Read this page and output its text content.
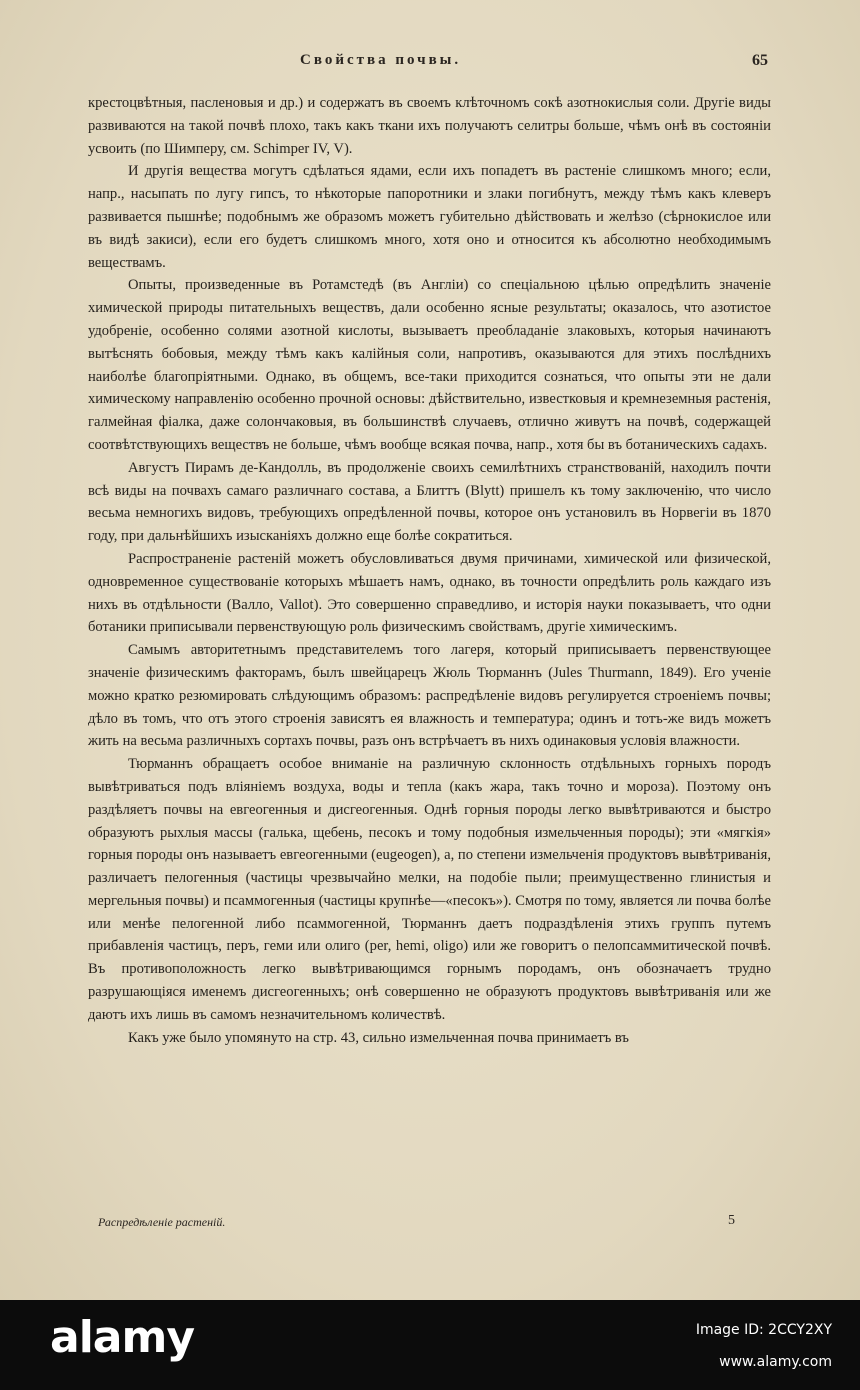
Свойства почвы.	65

крестоцвѣтныя, пасленовыя и др.) и содержатъ въ своемъ клѣточномъ сокѣ азотнокислыя соли. Другіе виды развиваются на такой почвѣ плохо, такъ какъ ткани ихъ получаютъ селитры больше, чѣмъ онѣ въ состояніи усвоить (по Шимперу, см. Schimper IV, V).

И другія вещества могутъ сдѣлаться ядами, если ихъ попадетъ въ растеніе слишкомъ много; если, напр., насыпать по лугу гипсъ, то нѣкоторые папоротники и злаки погибнутъ, между тѣмъ какъ клеверъ развивается пышнѣе; подобнымъ же образомъ можетъ губительно дѣйствовать и желѣзо (сѣрнокислое или въ видѣ закиси), если его будетъ слишкомъ много, хотя оно и относится къ абсолютно необходимымъ веществамъ.

Опыты, произведенные въ Ротамстедѣ (въ Англіи) со спеціальною цѣлью опредѣлить значеніе химической природы питательныхъ веществъ, дали особенно ясные результаты; оказалось, что азотистое удобреніе, особенно солями азотной кислоты, вызываетъ преобладаніе злаковыхъ, которыя начинаютъ вытѣснять бобовыя, между тѣмъ какъ калійныя соли, напротивъ, оказываются для этихъ послѣднихъ наиболѣе благопріятными. Однако, въ общемъ, все-таки приходится сознаться, что опыты эти не дали химическому направленію особенно прочной основы: дѣйствительно, известковыя и кремнеземныя растенія, галмейная фіалка, даже солончаковыя, въ большинствѣ случаевъ, отлично живутъ на почвѣ, содержащей соотвѣтствующихъ веществъ не больше, чѣмъ вообще всякая почва, напр., хотя бы въ ботаническихъ садахъ.

Августъ Пирамъ де-Кандолль, въ продолженіе своихъ семилѣтнихъ странствованій, находилъ почти всѣ виды на почвахъ самаго различнаго состава, а Блиттъ (Blytt) пришелъ къ тому заключенію, что число весьма немногихъ видовъ, требующихъ опредѣленной почвы, которое онъ установилъ въ Норвегіи въ 1870 году, при дальнѣйшихъ изысканіяхъ должно еще болѣе сократиться.

Распространеніе растеній можетъ обусловливаться двумя причинами, химической или физической, одновременное существованіе которыхъ мѣшаетъ намъ, однако, въ точности опредѣлить роль каждаго изъ нихъ въ отдѣльности (Валло, Vallot). Это совершенно справедливо, и исторія науки показываетъ, что одни ботаники приписывали первенствующую роль физическимъ свойствамъ, другіе химическимъ.

Самымъ авторитетнымъ представителемъ того лагеря, который приписываетъ первенствующее значеніе физическимъ факторамъ, былъ швейцарецъ Жюль Тюрманнъ (Jules Thurmann, 1849). Его ученіе можно кратко резюмировать слѣдующимъ образомъ: распредѣленіе видовъ регулируется строеніемъ почвы; дѣло въ томъ, что отъ этого строенія зависятъ ея влажность и температура; одинъ и тотъ-же видъ можетъ жить на весьма различныхъ сортахъ почвы, разъ онъ встрѣчаетъ въ нихъ одинаковыя условія влажности.

Тюрманнъ обращаетъ особое вниманіе на различную склонность отдѣльныхъ горныхъ породъ вывѣтриваться подъ вліяніемъ воздуха, воды и тепла (какъ жара, такъ точно и мороза). Поэтому онъ раздѣляетъ почвы на евгеогенныя и дисгеогенныя. Однѣ горныя породы легко вывѣтриваются и быстро образуютъ рыхлыя массы (галька, щебень, песокъ и тому подобныя измельченныя породы); эти «мягкія» горныя породы онъ называетъ евгеогенными (eugeogen), а, по степени измельченія продуктовъ вывѣтриванія, различаетъ пелогенныя (частицы чрезвычайно мелки, на подобіе пыли; преимущественно глинистыя и мергельныя почвы) и псаммогенныя (частицы крупнѣе—«песокъ»). Смотря по тому, является ли почва болѣе или менѣе пелогенной либо псаммогенной, Тюрманнъ даетъ подраздѣленія этихъ группъ путемъ прибавленія частицъ, перъ, геми или олиго (per, hemi, oligo) или же говоритъ о пелопсаммитической почвѣ. Въ противоположность легко вывѣтривающимся горнымъ породамъ, онъ обозначаетъ трудно разрушающіяся именемъ дисгеогенныхъ; онѣ совершенно не образуютъ продуктовъ вывѣтриванія или же даютъ ихъ лишь въ самомъ незначительномъ количествѣ.

Какъ уже было упомянуто на стр. 43, сильно измельченная почва принимаетъ въ

Распредѣленіе растеній.	5
alamy	Image ID: 2CCY2XY
www.alamy.com
